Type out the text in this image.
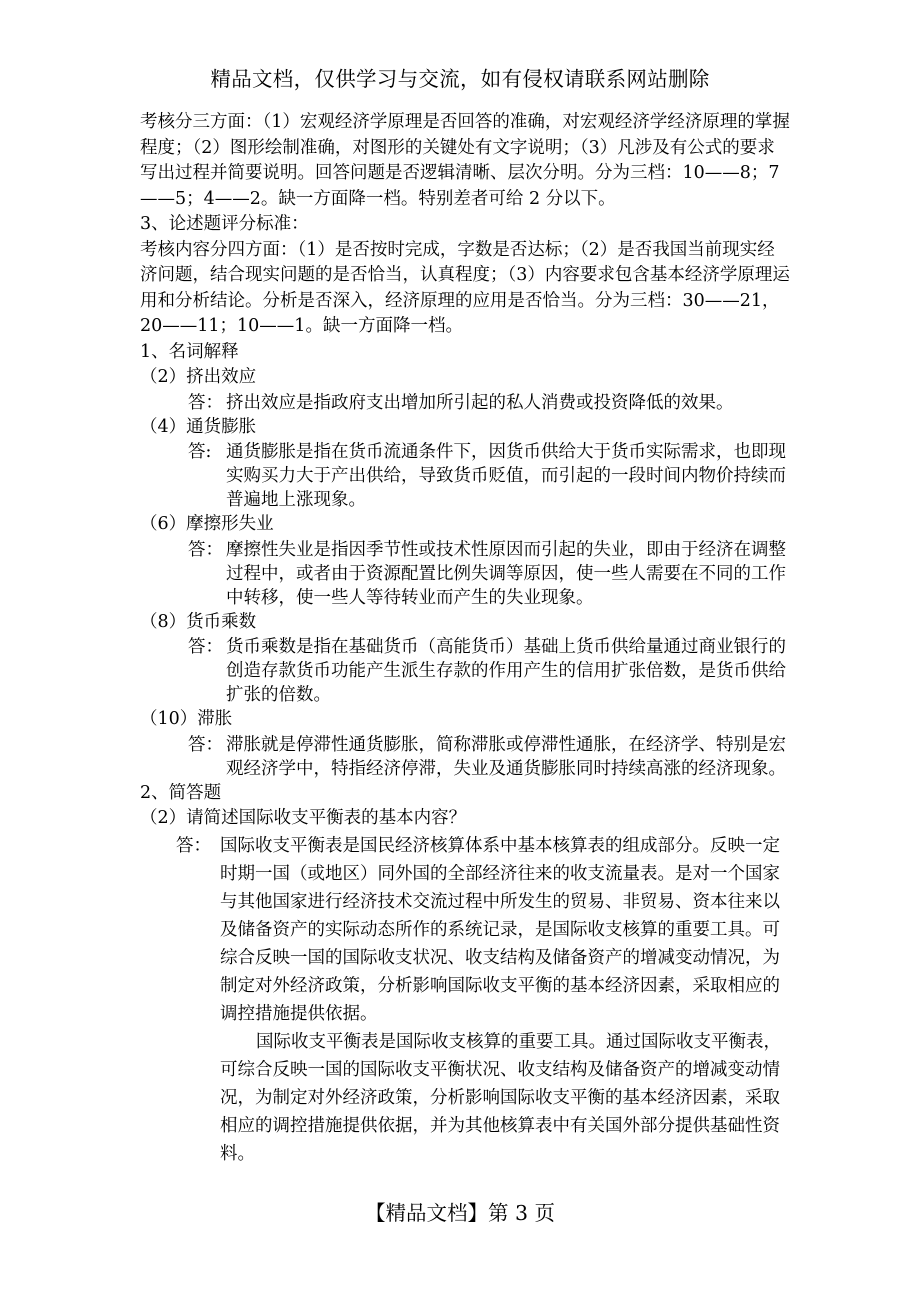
精品文档，仅供学习与交流，如有侵权请联系网站删除

考核分三方面：（1）宏观经济学原理是否回答的准确，对宏观经济学经济原理的掌握程度；（2）图形绘制准确，对图形的关键处有文字说明；（3）凡涉及有公式的要求写出过程并简要说明。回答问题是否逻辑清晰、层次分明。分为三档：10——8；7——5；4——2。缺一方面降一档。特别差者可给 2 分以下。

3、论述题评分标准：

考核内容分四方面：（1）是否按时完成，字数是否达标；（2）是否我国当前现实经济问题，结合现实问题的是否恰当，认真程度；（3）内容要求包含基本经济学原理运用和分析结论。分析是否深入，经济原理的应用是否恰当。分为三档：30——21，20——11；10——1。缺一方面降一档。

1、名词解释

（2）挤出效应

答： 挤出效应是指政府支出增加所引起的私人消费或投资降低的效果。

（4）通货膨胀

答: 通货膨胀是指在货币流通条件下，因货币供给大于货币实际需求，也即现实购买力大于产出供给，导致货币贬值，而引起的一段时间内物价持续而普遍地上涨现象。

（6）摩擦形失业

答： 摩擦性失业是指因季节性或技术性原因而引起的失业，即由于经济在调整过程中，或者由于资源配置比例失调等原因，使一些人需要在不同的工作中转移，使一些人等待转业而产生的失业现象。

（8）货币乘数

答： 货币乘数是指在基础货币（高能货币）基础上货币供给量通过商业银行的创造存款货币功能产生派生存款的作用产生的信用扩张倍数，是货币供给扩张的倍数。

（10）滞胀

答： 滞胀就是停滞性通货膨胀，简称滞胀或停滞性通胀，在经济学、特别是宏观经济学中，特指经济停滞，失业及通货膨胀同时持续高涨的经济现象。

2、简答题

（2）请简述国际收支平衡表的基本内容？

答： 国际收支平衡表是国民经济核算体系中基本核算表的组成部分。反映一定时期一国（或地区）同外国的全部经济往来的收支流量表。是对一个国家与其他国家进行经济技术交流过程中所发生的贸易、非贸易、资本往来以及储备资产的实际动态所作的系统记录，是国际收支核算的重要工具。可综合反映一国的国际收支状况、收支结构及储备资产的增减变动情况，为制定对外经济政策，分析影响国际收支平衡的基本经济因素，采取相应的调控措施提供依据。

国际收支平衡表是国际收支核算的重要工具。通过国际收支平衡表，可综合反映一国的国际收支平衡状况、收支结构及储备资产的增减变动情况，为制定对外经济政策，分析影响国际收支平衡的基本经济因素，采取相应的调控措施提供依据，并为其他核算表中有关国外部分提供基础性资料。

【精品文档】第 3 页
